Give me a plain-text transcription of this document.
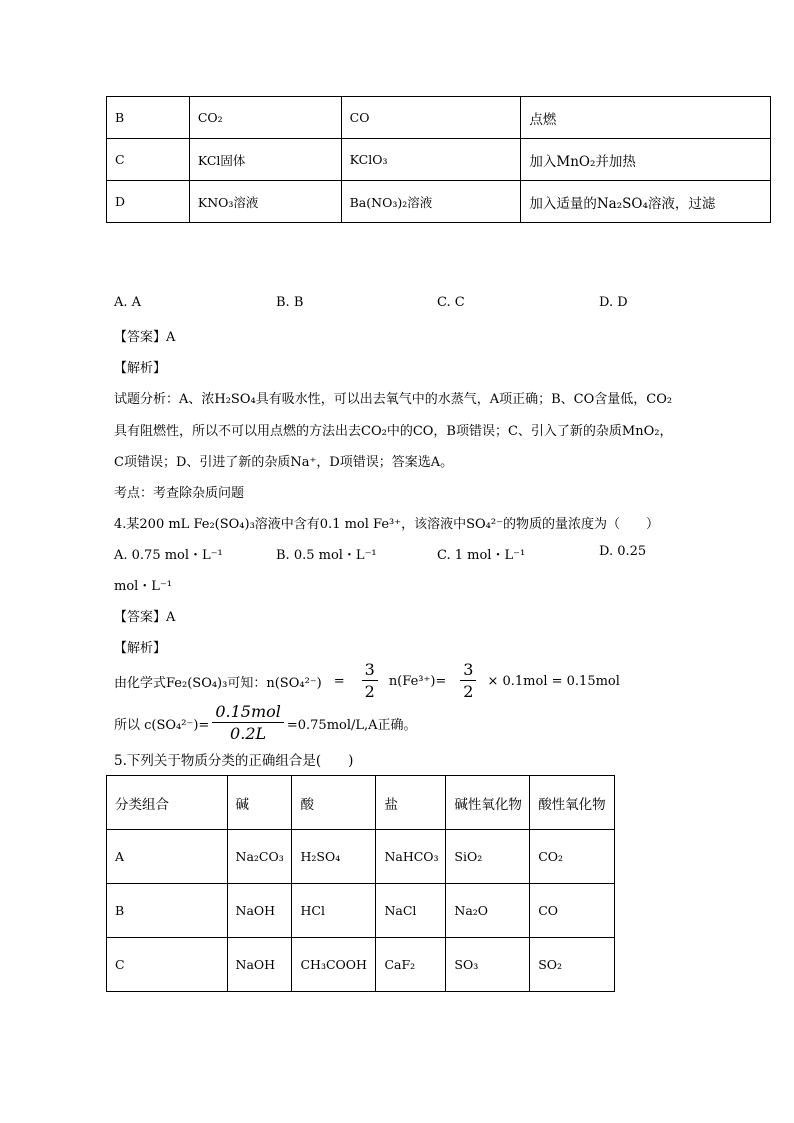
B	CO₂	CO	点燃
C	KCl固体	KClO₃	加入MnO₂并加热
D	KNO₃溶液	Ba(NO₃)₂溶液	加入适量的Na₂SO₄溶液，过滤
A. A	B. B	C. C	D. D
【答案】A
【解析】
试题分析：A、浓H₂SO₄具有吸水性，可以出去氧气中的水蒸气，A项正确；B、CO含量低，CO₂
具有阻燃性，所以不可以用点燃的方法出去CO₂中的CO，B项错误；C、引入了新的杂质MnO₂，
C项错误；D、引进了新的杂质Na⁺，D项错误；答案选A。
考点：考查除杂质问题
4.某200 mL Fe₂(SO₄)₃溶液中含有0.1 mol Fe³⁺，该溶液中SO₄²⁻的物质的量浓度为（　　）
A. 0.75 mol・L⁻¹	B. 0.5 mol・L⁻¹	C. 1 mol・L⁻¹	D. 0.25
mol・L⁻¹
【答案】A
【解析】
由化学式Fe₂(SO₄)₃可知：$n(SO_4^{2-}) = \frac{3}{2} n(Fe^{3+})= \frac{3}{2} \times 0.1mol = 0.15mol$
所以 $c(SO_4^{2-})= \frac{\text{0.15mol}}{0.2L} =0.75mol/L,A$正确。
5.下列关于物质分类的正确组合是(　　)
分类组合	碱	酸	盐	碱性氧化物	酸性氧化物
A	Na₂CO₃	H₂SO₄	NaHCO₃	SiO₂	CO₂
B	NaOH	HCl	NaCl	Na₂O	CO
C	NaOH	CH₃COOH	CaF₂	SO₃	SO₂
